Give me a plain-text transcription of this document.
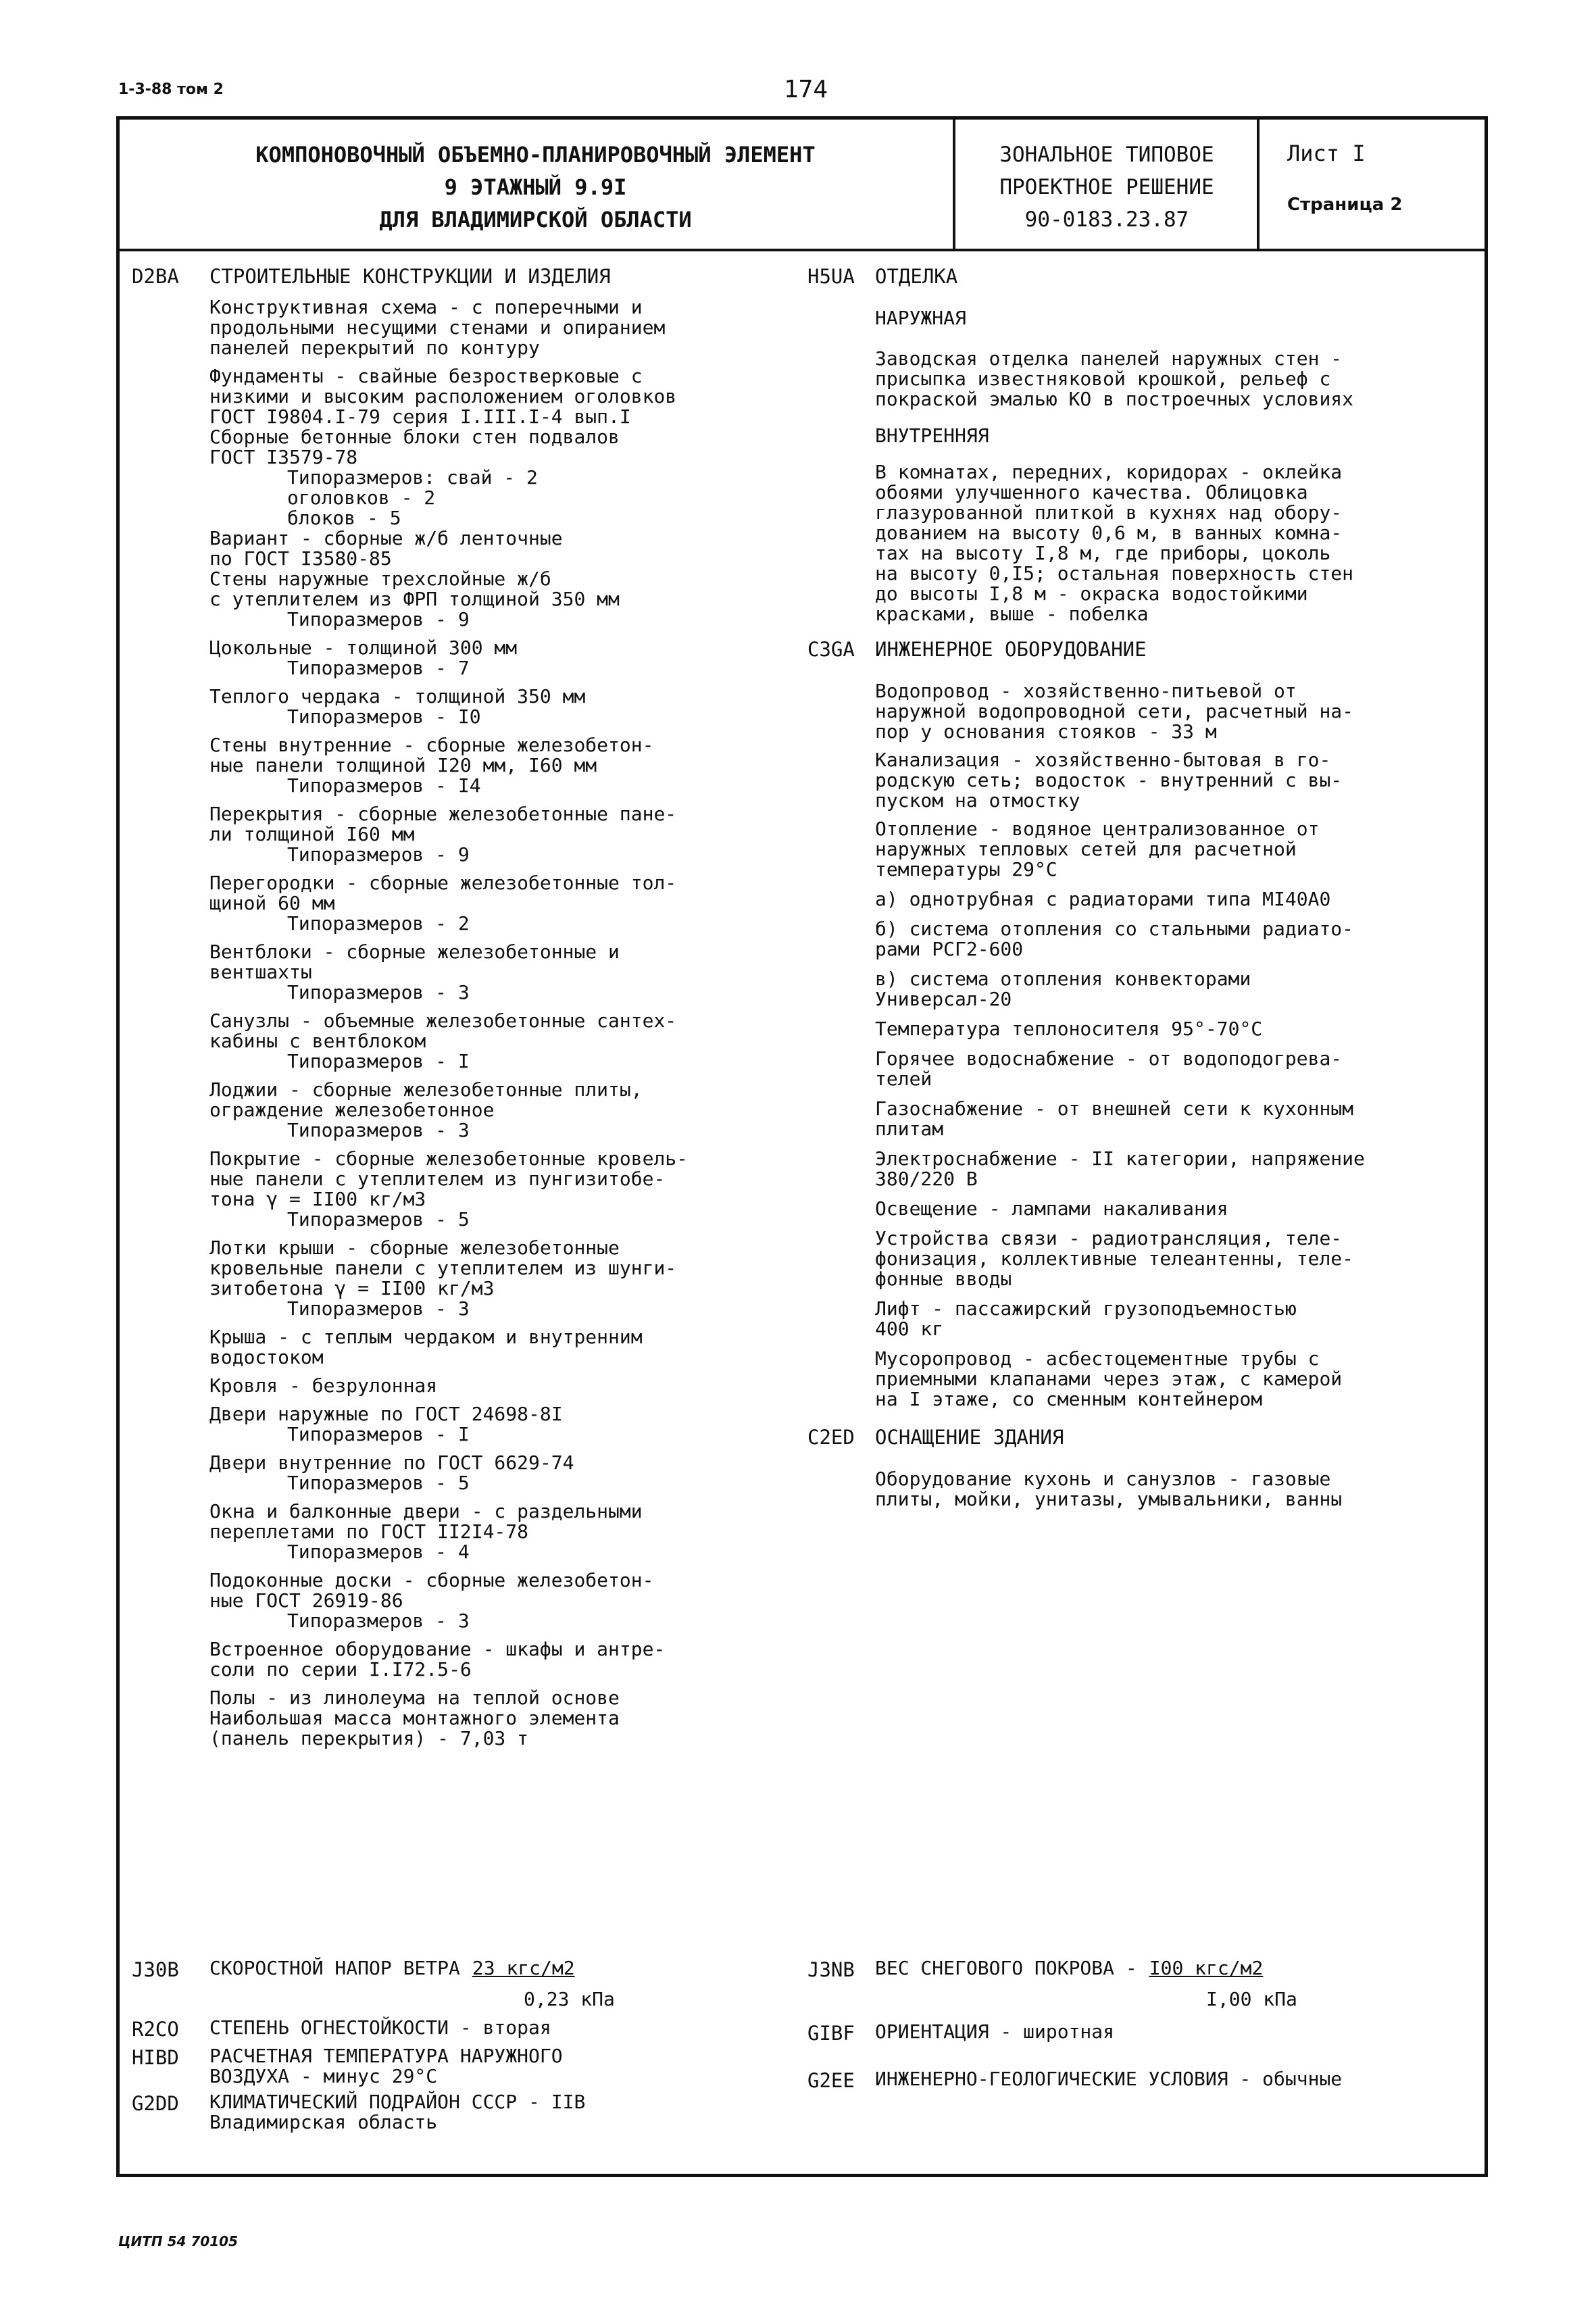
1-3-88 том 2	174
КОМПОНОВОЧНЫЙ ОБЪЕМНО-ПЛАНИРОВОЧНЫЙ ЭЛЕМЕНТ
9 ЭТАЖНЫЙ 9.9I
ДЛЯ ВЛАДИМИРСКОЙ ОБЛАСТИ
ЗОНАЛЬНОЕ ТИПОВОЕ
ПРОЕКТНОЕ РЕШЕНИЕ
90-0183.23.87
Лист I
Страница 2
D2BA СТРОИТЕЛЬНЫЕ КОНСТРУКЦИИ И ИЗДЕЛИЯ
Конструктивная схема - с поперечными и
продольными несущими стенами и опиранием
панелей перекрытий по контуру
Фундаменты - свайные безростверковые с
низкими и высоким расположением оголовков
ГОСТ I9804.I-79 серия I.III.I-4 вып.I
Сборные бетонные блоки стен подвалов
ГОСТ I3579-78
Типоразмеров: свай - 2
оголовков - 2
блоков - 5
Вариант - сборные ж/б ленточные
по ГОСТ I3580-85
Стены наружные трехслойные ж/б
с утеплителем из ФРП толщиной 350 мм
Типоразмеров - 9
Цокольные - толщиной 300 мм
Типоразмеров - 7
Теплого чердака - толщиной 350 мм
Типоразмеров - I0
Стены внутренние - сборные железобетон-
ные панели толщиной I20 мм, I60 мм
Типоразмеров - I4
Перекрытия - сборные железобетонные пане-
ли толщиной I60 мм
Типоразмеров - 9
Перегородки - сборные железобетонные тол-
щиной 60 мм
Типоразмеров - 2
Вентблоки - сборные железобетонные и
вентшахты
Типоразмеров - 3
Санузлы - объемные железобетонные сантех-
кабины с вентблоком
Типоразмеров - I
Лоджии - сборные железобетонные плиты,
ограждение железобетонное
Типоразмеров - 3
Покрытие - сборные железобетонные кровель-
ные панели с утеплителем из пунгизитобе-
тона γ = II00 кг/м3
Типоразмеров - 5
Лотки крыши - сборные железобетонные
кровельные панели с утеплителем из шунги-
зитобетона γ = II00 кг/м3
Типоразмеров - 3
Крыша - с теплым чердаком и внутренним
водостоком
Кровля - безрулонная
Двери наружные по ГОСТ 24698-8I
Типоразмеров - I
Двери внутренние по ГОСТ 6629-74
Типоразмеров - 5
Окна и балконные двери - с раздельными
переплетами по ГОСТ II2I4-78
Типоразмеров - 4
Подоконные доски - сборные железобетон-
ные ГОСТ 26919-86
Типоразмеров - 3
Встроенное оборудование - шкафы и антре-
соли по серии I.I72.5-6
Полы - из линолеума на теплой основе
Наибольшая масса монтажного элемента
(панель перекрытия) - 7,03 т
H5UA	ОТДЕЛКА
НАРУЖНАЯ
Заводская отделка панелей наружных стен -
присыпка известняковой крошкой, рельеф с
покраской эмалью КО в построечных условиях
ВНУТРЕННЯЯ
В комнатах, передних, коридорах - оклейка
обоями улучшенного качества. Облицовка
глазурованной плиткой в кухнях над обору-
дованием на высоту 0,6 м, в ванных комна-
тах на высоту I,8 м, где приборы, цоколь
на высоту 0,I5; остальная поверхность стен
до высоты I,8 м - окраска водостойкими
красками, выше - побелка
C3GA	ИНЖЕНЕРНОЕ ОБОРУДОВАНИЕ
Водопровод - хозяйственно-питьевой от
наружной водопроводной сети, расчетный на-
пор у основания стояков - 33 м
Канализация - хозяйственно-бытовая в го-
родскую сеть; водосток - внутренний с вы-
пуском на отмостку
Отопление - водяное централизованное от
наружных тепловых сетей для расчетной
температуры 29°С
а) однотрубная с радиаторами типа МI40А0
б) система отопления со стальными радиато-
рами РСГ2-600
в) система отопления конвекторами
Универсал-20
Температура теплоносителя 95°-70°С
Горячее водоснабжение - от водоподогрева-
телей
Газоснабжение - от внешней сети к кухонным
плитам
Электроснабжение - II категории, напряжение
380/220 В
Освещение - лампами накаливания
Устройства связи - радиотрансляция, теле-
фонизация, коллективные телеантенны, теле-
фонные вводы
Лифт - пассажирский грузоподъемностью
400 кг
Мусоропровод - асбестоцементные трубы с
приемными клапанами через этаж, с камерой
на I этаже, со сменным контейнером
C2ED	ОСНАЩЕНИЕ ЗДАНИЯ
Оборудование кухонь и санузлов - газовые
плиты, мойки, унитазы, умывальники, ванны
J30B	СКОРОСТНОЙ НАПОР ВЕТРА 23 кгс/м2
0,23 кПа
R2CO	СТЕПЕНЬ ОГНЕСТОЙКОСТИ - вторая
HIBD	РАСЧЕТНАЯ ТЕМПЕРАТУРА НАРУЖНОГО
ВОЗДУХА - минус 29°С
G2DD	КЛИМАТИЧЕСКИЙ ПОДРАЙОН СССР - IIВ
Владимирская область
J3NB	ВЕС СНЕГОВОГО ПОКРОВА - I00 кгс/м2
I,00 кПа
GIBF	ОРИЕНТАЦИЯ - широтная
G2EE	ИНЖЕНЕРНО-ГЕОЛОГИЧЕСКИЕ УСЛОВИЯ - обычные
ЦИТП 54 70105
